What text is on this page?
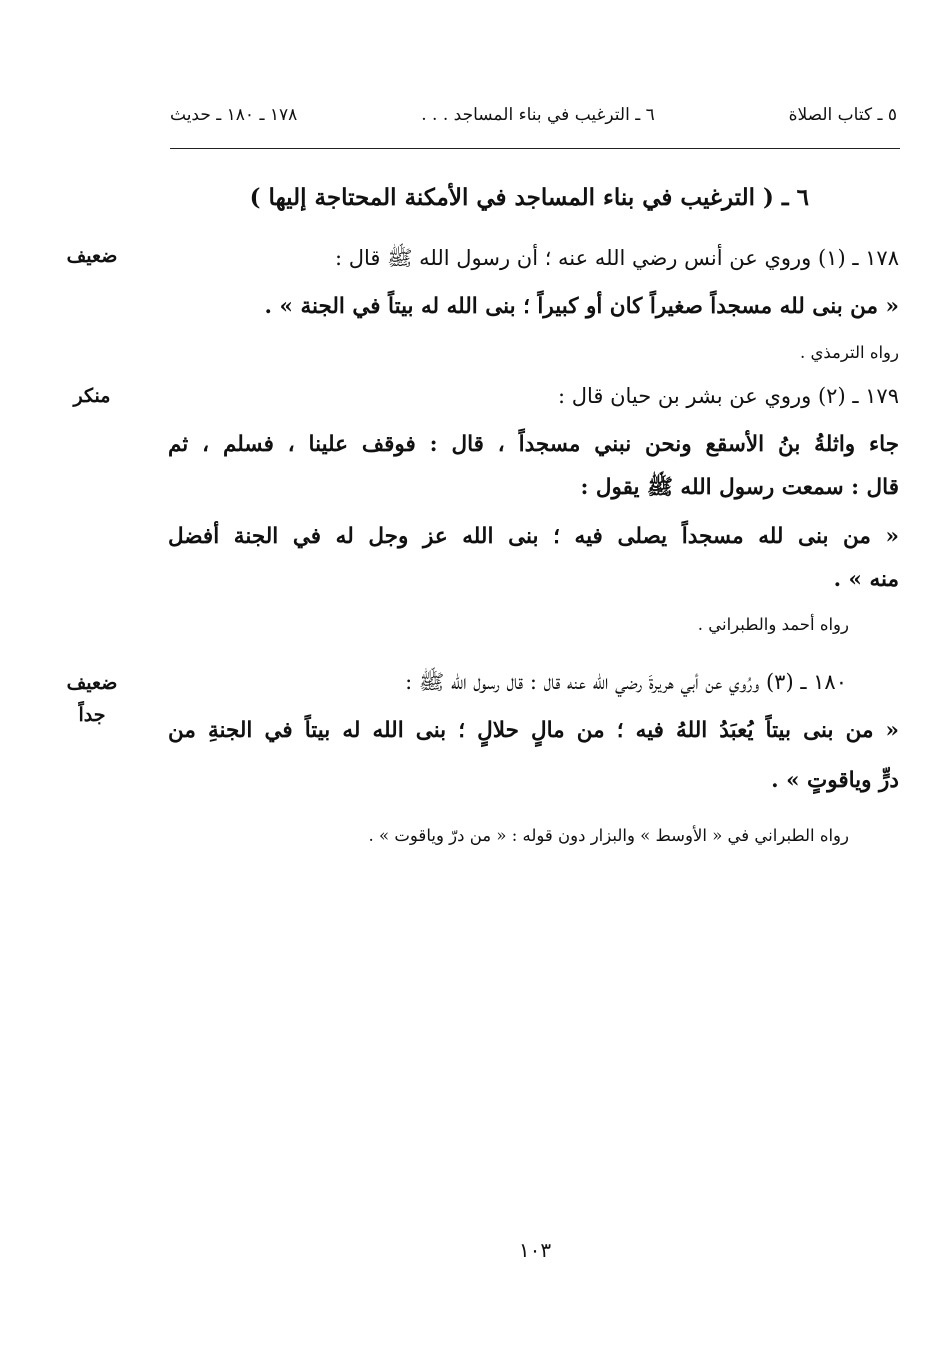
٥ ـ كتاب الصلاة
٦ ـ الترغيب في بناء المساجد . . .
١٧٨ ـ ١٨٠ ـ حديث
٦ ـ ( الترغيب في بناء المساجد في الأمكنة المحتاجة إليها )
ضعيف	١٧٨ ـ (١) وروي عن أنس رضي الله عنه ؛ أن رسول الله ﷺ قال :
« من بنى لله مسجداً صغيراً كان أو كبيراً ؛ بنى الله له بيتاً في الجنة » .
رواه الترمذي .
منكر	١٧٩ ـ (٢) وروي عن بشر بن حيان قال :
جاء واثلةُ بنُ الأسقع ونحن نبني مسجداً ، قال : فوقف علينا ، فسلم ، ثم
قال : سمعت رسول الله ﷺ يقول :
« من بنى لله مسجداً يصلى فيه ؛ بنى الله عز وجل له في الجنة أفضل
منه » .
رواه أحمد والطبراني .
ضعيف
جداً
١٨٠ ـ (٣) ورُوي عن أبي هريرةَ رضي الله عنه قال : قال رسول الله ﷺ :
« من بنى بيتاً يُعبَدُ اللهُ فيه ؛ من مالٍ حلالٍ ؛ بنى الله له بيتاً في الجنةِ من
درٍّ وياقوتٍ » .
رواه الطبراني في « الأوسط » والبزار دون قوله : « من درّ وياقوت » .
١٠٣
